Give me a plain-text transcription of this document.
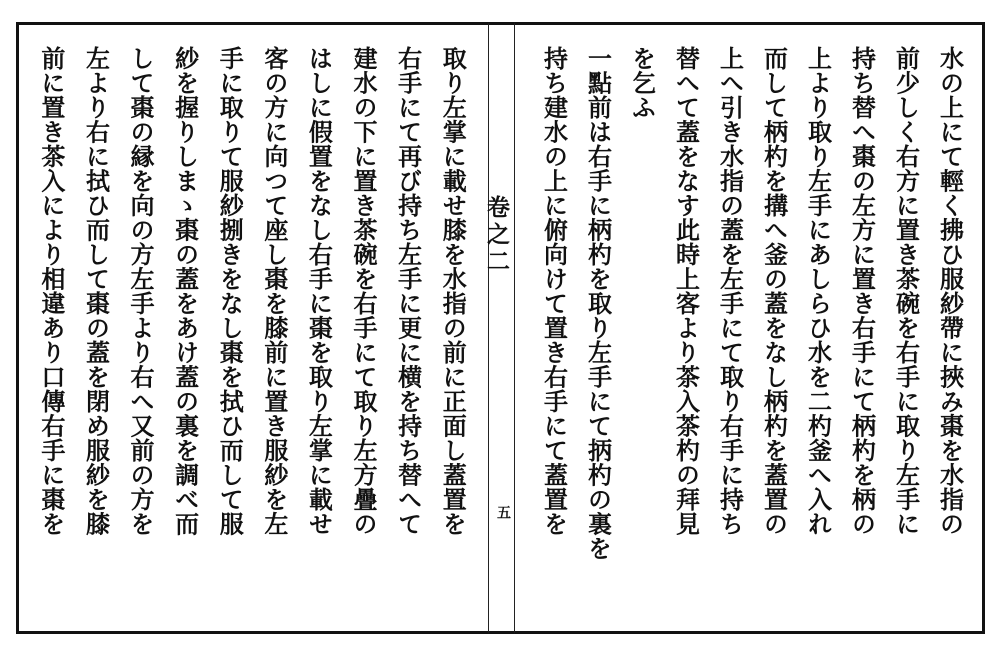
卷之二
五	水の上にて輕く拂ひ服紗帶に挾み棗を水指の
前少しく右方に置き茶碗を右手に取り左手に
持ち替へ棗の左方に置き右手にて柄杓を柄の
上より取り左手にあしらひ水を二杓釜へ入れ
而して柄杓を搆へ釜の蓋をなし柄杓を蓋置の
上へ引き水指の蓋を左手にて取り右手に持ち
替へて蓋をなす此時上客より茶入茶杓の拜見
を乞ふ
一點前は右手に柄杓を取り左手にて抦杓の裏を
持ち建水の上に俯向けて置き右手にて蓋置を
取り左掌に載せ膝を水指の前に正面し蓋置を
右手にて再び持ち左手に更に横を持ち替へて
建水の下に置き茶碗を右手にて取り左方疊の
はしに假置をなし右手に棗を取り左掌に載せ
客の方に向つて座し棗を膝前に置き服紗を左
手に取りて服紗捌きをなし棗を拭ひ而して服
紗を握りしまゝ棗の蓋をあけ蓋の裏を調べ而
して棗の縁を向の方左手より右へ又前の方を
左より右に拭ひ而して棗の蓋を閉め服紗を膝
前に置き茶入により相違あり口傳右手に棗を
